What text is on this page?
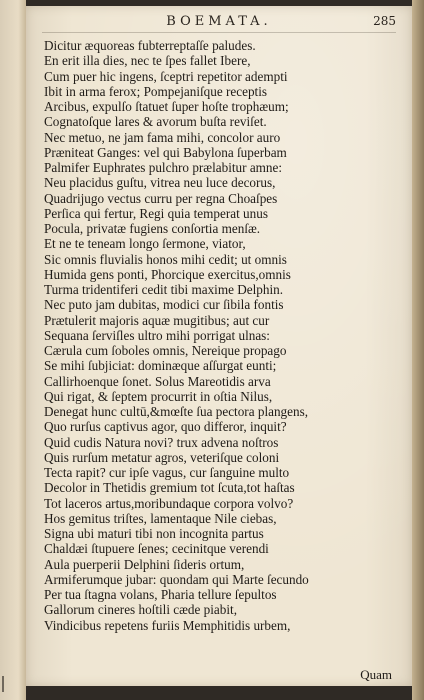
BOEMATA.	285
Dicitur æquoreas fubterreptaſſe paludes.
En erit illa dies, nec te ſpes fallet Ibere,
Cum puer hic ingens, ſceptri repetitor adempti
Ibit in arma ferox; Pompejaniſque receptis
Arcibus, expulſo ſtatuet ſuper hoſte trophæum;
Cognatoſque lares & avorum buſta reviſet.
Nec metuo, ne jam fama mihi, concolor auro
Præniteat Ganges: vel qui Babylona ſuperbam
Palmifer Euphrates pulchro prælabitur amne:
Neu placidus guſtu, vitrea neu luce decorus,
Quadrijugo vectus curru per regna Choaſpes
Perſica qui fertur, Regi quia temperat unus
Pocula, privatæ fugiens conſortia menſæ.
Et ne te teneam longo ſermone, viator,
Sic omnis fluvialis honos mihi cedit; ut omnis
Humida gens ponti, Phorcique exercitus,omnis
Turma tridentiferi cedit tibi maxime Delphin.
Nec puto jam dubitas, modici cur ſibila fontis
Prætulerit majoris aquæ mugitibus; aut cur
Sequana ſerviſles ultro mihi porrigat ulnas:
Cærula cum ſoboles omnis, Nereique propago
Se mihi ſubjiciat: dominæque aſſurgat eunti;
Callirhoenque ſonet. Solus Mareotidis arva
Qui rigat, & ſeptem procurrit in oſtia Nilus,
Denegat hunc cultū,&mœſte ſua pectora plangens,
Quo rurſus captivus agor, quo differor, inquit?
Quid cudis Natura novi? trux advena noſtros
Quis rurſum metatur agros, veteriſque coloni
Tecta rapit? cur ipſe vagus, cur ſanguine multo
Decolor in Thetidis gremium tot ſcuta,tot haſtas
Tot laceros artus,moribundaque corpora volvo?
Hos gemitus triſtes, lamentaque Nile ciebas,
Signa ubi maturi tibi non incognita partus
Chaldæi ſtupuere ſenes; cecinitque verendi
Aula puerperii Delphini ſideris ortum,
Armiferumque jubar: quondam qui Marte ſecundo
Per tua ſtagna volans, Pharia tellure ſepultos
Gallorum cineres hoſtili cæde piabit,
Vindicibus repetens furiis Memphitidis urbem,
Quam
